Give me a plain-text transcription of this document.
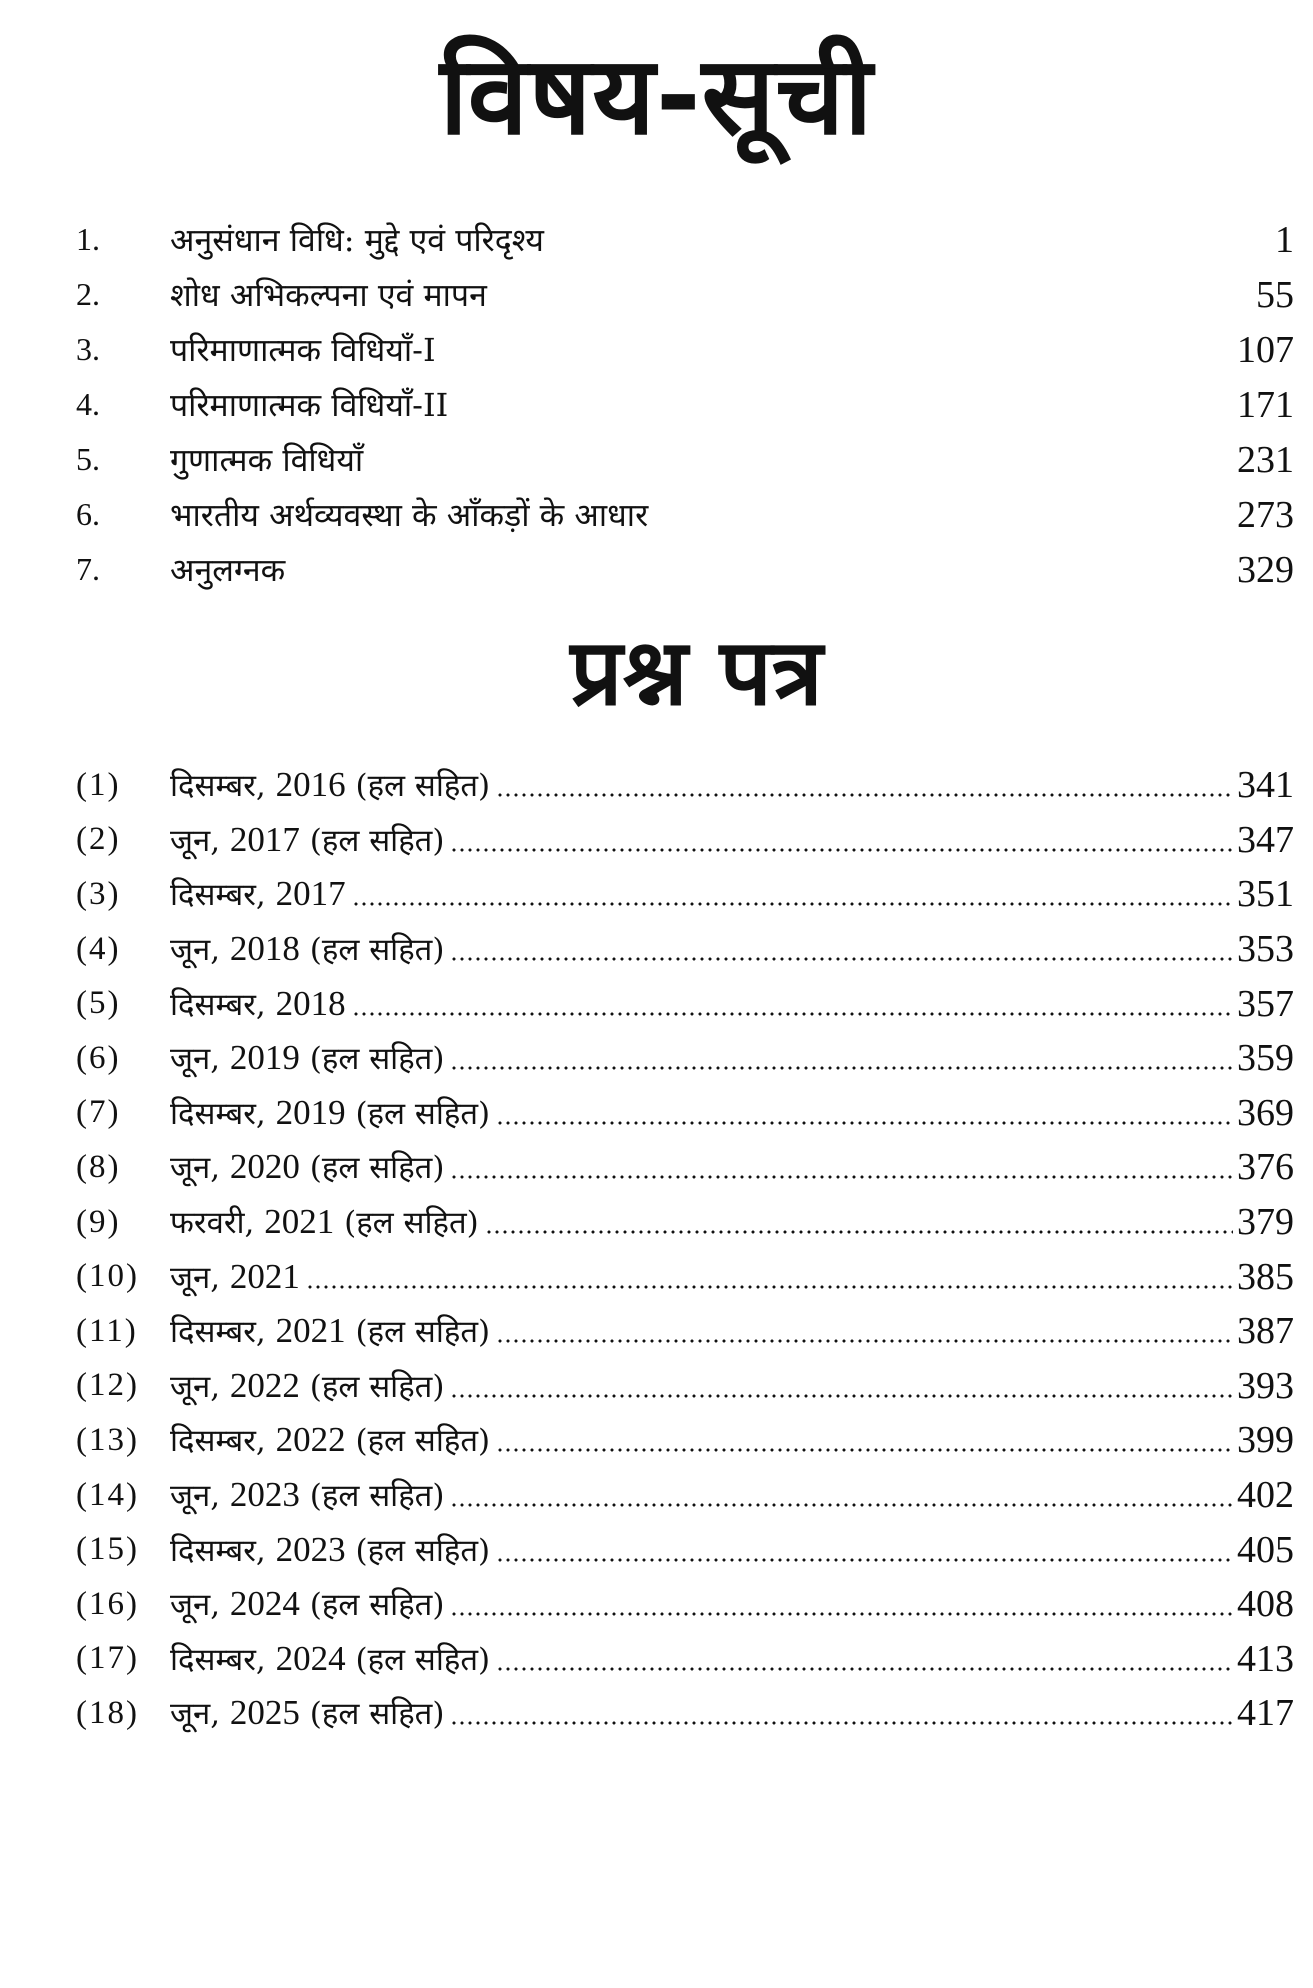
विषय-सूची
1.	अनुसंधान विधि: मुद्दे एवं परिदृश्य	1
2.	शोध अभिकल्पना एवं मापन	55
3.	परिमाणात्मक विधियाँ-I	107
4.	परिमाणात्मक विधियाँ-II	171
5.	गुणात्मक विधियाँ	231
6.	भारतीय अर्थव्यवस्था के आँकड़ों के आधार	273
7.	अनुलग्नक	329
प्रश्न पत्र
(1)	दिसम्बर, 2016 (हल सहित)	341
(2)	जून, 2017 (हल सहित)	347
(3)	दिसम्बर, 2017	351
(4)	जून, 2018 (हल सहित)	353
(5)	दिसम्बर, 2018	357
(6)	जून, 2019 (हल सहित)	359
(7)	दिसम्बर, 2019 (हल सहित)	369
(8)	जून, 2020 (हल सहित)	376
(9)	फरवरी, 2021 (हल सहित)	379
(10)	जून, 2021	385
(11)	दिसम्बर, 2021 (हल सहित)	387
(12)	जून, 2022 (हल सहित)	393
(13)	दिसम्बर, 2022 (हल सहित)	399
(14)	जून, 2023 (हल सहित)	402
(15)	दिसम्बर, 2023 (हल सहित)	405
(16)	जून, 2024 (हल सहित)	408
(17)	दिसम्बर, 2024 (हल सहित)	413
(18)	जून, 2025 (हल सहित)	417
